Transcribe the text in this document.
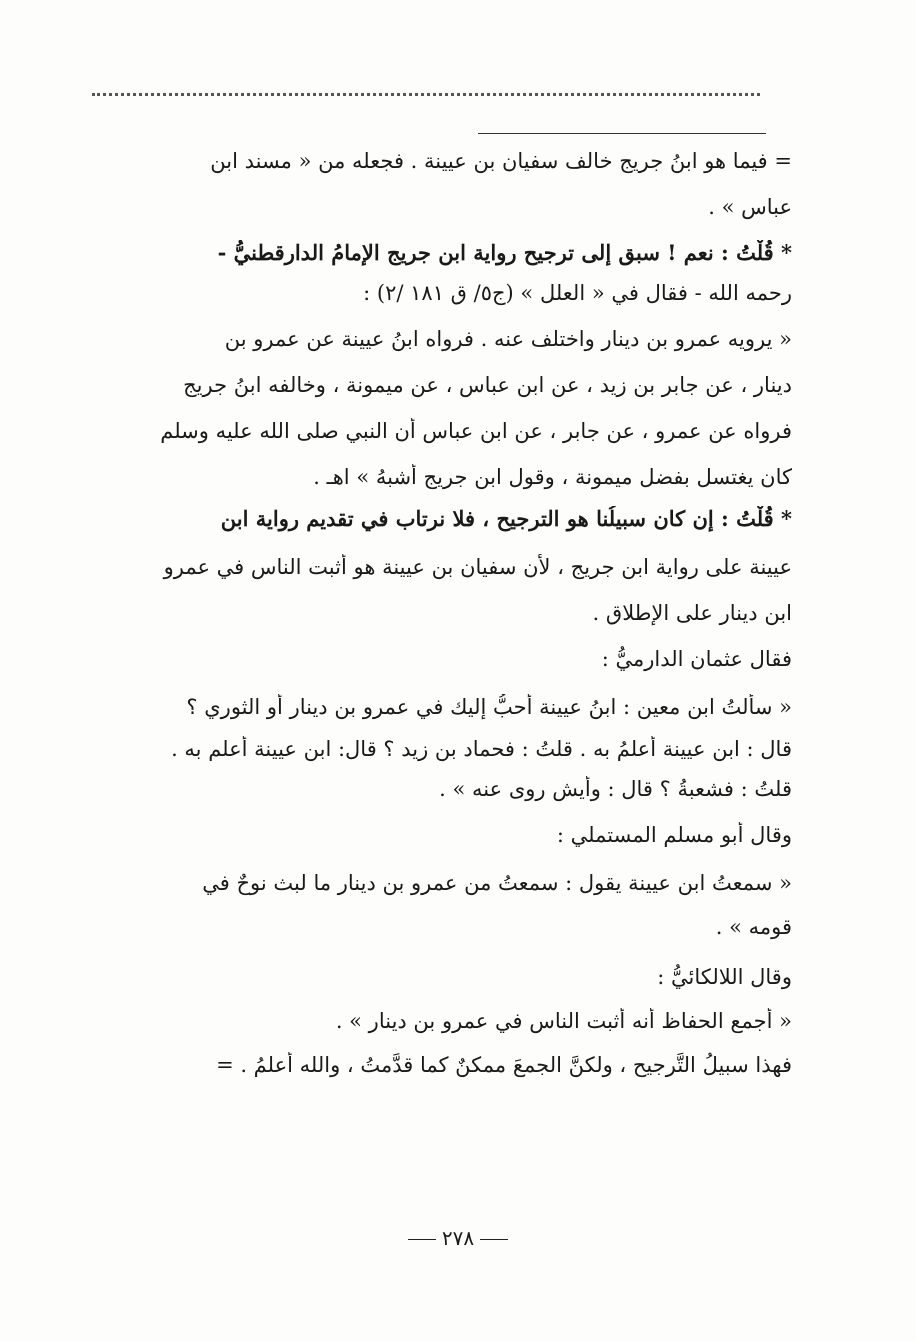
= فيما هو ابنُ جريج خالف سفيان بن عيينة . فجعله من « مسند ابن
عباس » .
* قُلْتُ : نعم ! سبق إلى ترجيح رواية ابن جريج الإمامُ الدارقطنيُّ -
رحمه الله - فقال في « العلل » (ج٥/ ق ١٨١ /٢) :
« يرويه عمرو بن دينار واختلف عنه . فرواه ابنُ عيينة عن عمرو بن
دينار ، عن جابر بن زيد ، عن ابن عباس ، عن ميمونة ، وخالفه ابنُ جريج
فرواه عن عمرو ، عن جابر ، عن ابن عباس أن النبي صلى الله عليه وسلم
كان يغتسل بفضل ميمونة ، وقول ابن جريج أشبهُ » اهـ .
* قُلْتُ : إن كان سبيلُنا هو الترجيح ، فلا نرتاب في تقديم رواية ابن
عيينة على رواية ابن جريج ، لأن سفيان بن عيينة هو أثبت الناس في عمرو
ابن دينار على الإطلاق .
فقال عثمان الدارميُّ :
« سألتُ ابن معين : ابنُ عيينة أحبُّ إليك في عمرو بن دينار أو الثوري ؟
قال : ابن عيينة أعلمُ به . قلتُ : فحماد بن زيد ؟ قال: ابن عيينة أعلم به .
قلتُ : فشعبةُ ؟ قال : وأيش روى عنه » .
وقال أبو مسلم المستملي :
« سمعتُ ابن عيينة يقول : سمعتُ من عمرو بن دينار ما لبث نوحٌ في
قومه » .
وقال اللالكائيُّ :
« أجمع الحفاظ أنه أثبت الناس في عمرو بن دينار » .
فهذا سبيلُ التَّرجيح ، ولكنَّ الجمعَ ممكنٌ كما قدَّمتُ ، والله أعلمُ . =
٢٧٨
